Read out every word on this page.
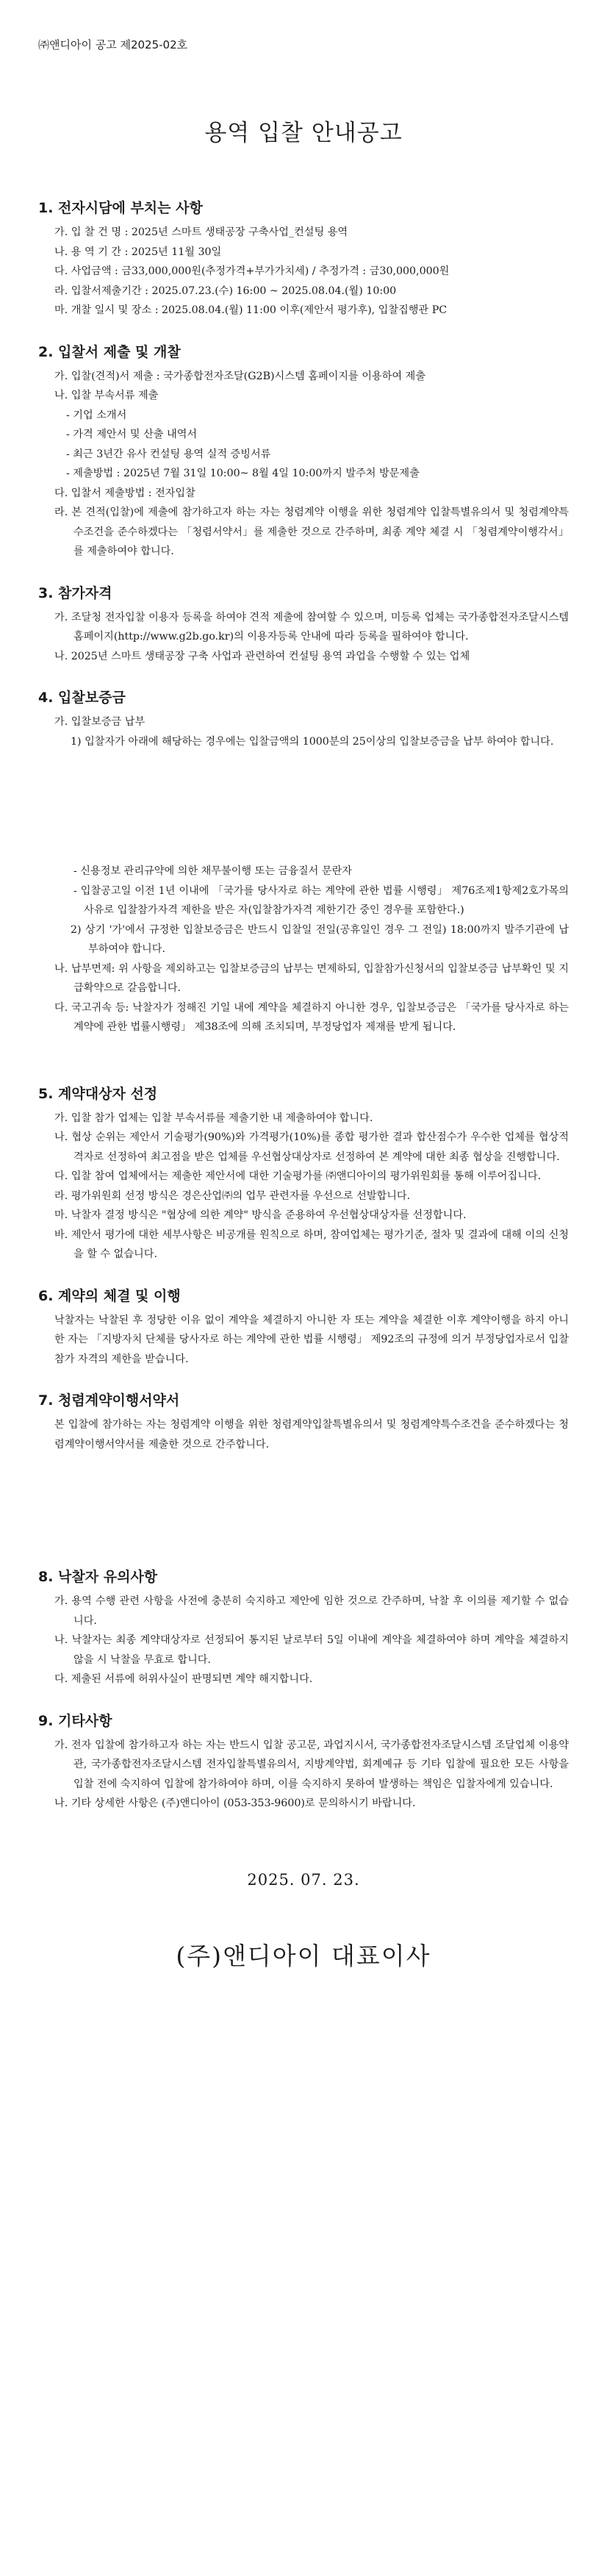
㈜앤디아이 공고 제2025-02호

용역 입찰 안내공고
1. 전자시담에 부치는 사항

가. 입 찰 건 명 : 2025년 스마트 생태공장 구축사업_컨설팅 용역

나. 용 역 기 간 : 2025년 11월 30일

다. 사업금액 : 금33,000,000원(추정가격+부가가치세) / 추정가격 : 금30,000,000원

라. 입찰서제출기간 : 2025.07.23.(수) 16:00 ~ 2025.08.04.(월) 10:00

마. 개찰 일시 및 장소 : 2025.08.04.(월) 11:00 이후(제안서 평가후), 입찰집행관 PC

2. 입찰서 제출 및 개찰

가. 입찰(견적)서 제출 : 국가종합전자조달(G2B)시스템 홈페이지를 이용하여 제출

나. 입찰 부속서류 제출

- 기업 소개서

- 가격 제안서 및 산출 내역서

- 최근 3년간 유사 컨설팅 용역 실적 증빙서류

- 제출방법 : 2025년 7월 31일 10:00~ 8월 4일 10:00까지 발주처 방문제출

다. 입찰서 제출방법 : 전자입찰

라. 본 견적(입찰)에 제출에 참가하고자 하는 자는 청렴계약 이행을 위한 청렴계약 입찰특별유의서 및 청렴계약특수조건을 준수하겠다는 「청렴서약서」를 제출한 것으로 간주하며, 최종 계약 체결 시 「청렴계약이행각서」를 제출하여야 합니다.

3. 참가자격

가. 조달청 전자입찰 이용자 등록을 하여야 견적 제출에 참여할 수 있으며, 미등록 업체는 국가종합전자조달시스템 홈페이지(http://www.g2b.go.kr)의 이용자등록 안내에 따라 등록을 필하여야 합니다.

나. 2025년 스마트 생태공장 구축 사업과 관련하여 컨설팅 용역 과업을 수행할 수 있는 업체

4. 입찰보증금

가. 입찰보증금 납부

1) 입찰자가 아래에 해당하는 경우에는 입찰금액의 1000분의 25이상의 입찰보증금을 납부 하여야 합니다.

- 신용정보 관리규약에 의한 채무불이행 또는 금융질서 문란자

- 입찰공고일 이전 1년 이내에 「국가를 당사자로 하는 계약에 관한 법률 시행령」 제76조제1항제2호가목의 사유로 입찰참가자격 제한을 받은 자(입찰참가자격 제한기간 중인 경우를 포함한다.)

2) 상기 '가'에서 규정한 입찰보증금은 반드시 입찰일 전일(공휴일인 경우 그 전일) 18:00까지 발주기관에 납부하여야 합니다.

나. 납부면제: 위 사항을 제외하고는 입찰보증금의 납부는 면제하되, 입찰참가신청서의 입찰보증금 납부확인 및 지급확약으로 갈음합니다.

다. 국고귀속 등: 낙찰자가 정해진 기일 내에 계약을 체결하지 아니한 경우, 입찰보증금은 「국가를 당사자로 하는 계약에 관한 법률시행령」 제38조에 의해 조치되며, 부정당업자 제재를 받게 됩니다.

5. 계약대상자 선정

가. 입찰 참가 업체는 입찰 부속서류를 제출기한 내 제출하여야 합니다.

나. 협상 순위는 제안서 기술평가(90%)와 가격평가(10%)를 종합 평가한 결과 합산점수가 우수한 업체를 협상적격자로 선정하여 최고점을 받은 업체를 우선협상대상자로 선정하여 본 계약에 대한 최종 협상을 진행합니다.

다. 입찰 참여 업체에서는 제출한 제안서에 대한 기술평가를 ㈜앤디아이의 평가위원회를 통해 이루어집니다.

라. 평가위원회 선정 방식은 경은산업㈜의 업무 관련자를 우선으로 선발합니다.

마. 낙찰자 결정 방식은 "협상에 의한 계약" 방식을 준용하여 우선협상대상자를 선정합니다.

바. 제안서 평가에 대한 세부사항은 비공개를 원칙으로 하며, 참여업체는 평가기준, 절차 및 결과에 대해 이의 신청을 할 수 없습니다.

6. 계약의 체결 및 이행

낙찰자는 낙찰된 후 정당한 이유 없이 계약을 체결하지 아니한 자 또는 계약을 체결한 이후 계약이행을 하지 아니한 자는 「지방자치 단체를 당사자로 하는 계약에 관한 법률 시행령」 제92조의 규정에 의거 부정당업자로서 입찰참가 자격의 제한을 받습니다.

7. 청렴계약이행서약서

본 입찰에 참가하는 자는 청렴계약 이행을 위한 청렴계약입찰특별유의서 및 청렴계약특수조건을 준수하겠다는 청렴계약이행서약서를 제출한 것으로 간주합니다.

8. 낙찰자 유의사항

가. 용역 수행 관련 사항을 사전에 충분히 숙지하고 제안에 임한 것으로 간주하며, 낙찰 후 이의를 제기할 수 없습니다.

나. 낙찰자는 최종 계약대상자로 선정되어 통지된 날로부터 5일 이내에 계약을 체결하여야 하며 계약을 체결하지 않을 시 낙찰을 무효로 합니다.

다. 제출된 서류에 허위사실이 판명되면 계약 해지합니다.

9. 기타사항

가. 전자 입찰에 참가하고자 하는 자는 반드시 입찰 공고문, 과업지시서, 국가종합전자조달시스템 조달업체 이용약관, 국가종합전자조달시스템 전자입찰특별유의서, 지방계약법, 회계예규 등 기타 입찰에 필요한 모든 사항을 입찰 전에 숙지하여 입찰에 참가하여야 하며, 이를 숙지하지 못하여 발생하는 책임은 입찰자에게 있습니다.

나. 기타 상세한 사항은 (주)앤디아이 (053-353-9600)로 문의하시기 바랍니다.

2025. 07. 23.

(주)앤디아이 대표이사
